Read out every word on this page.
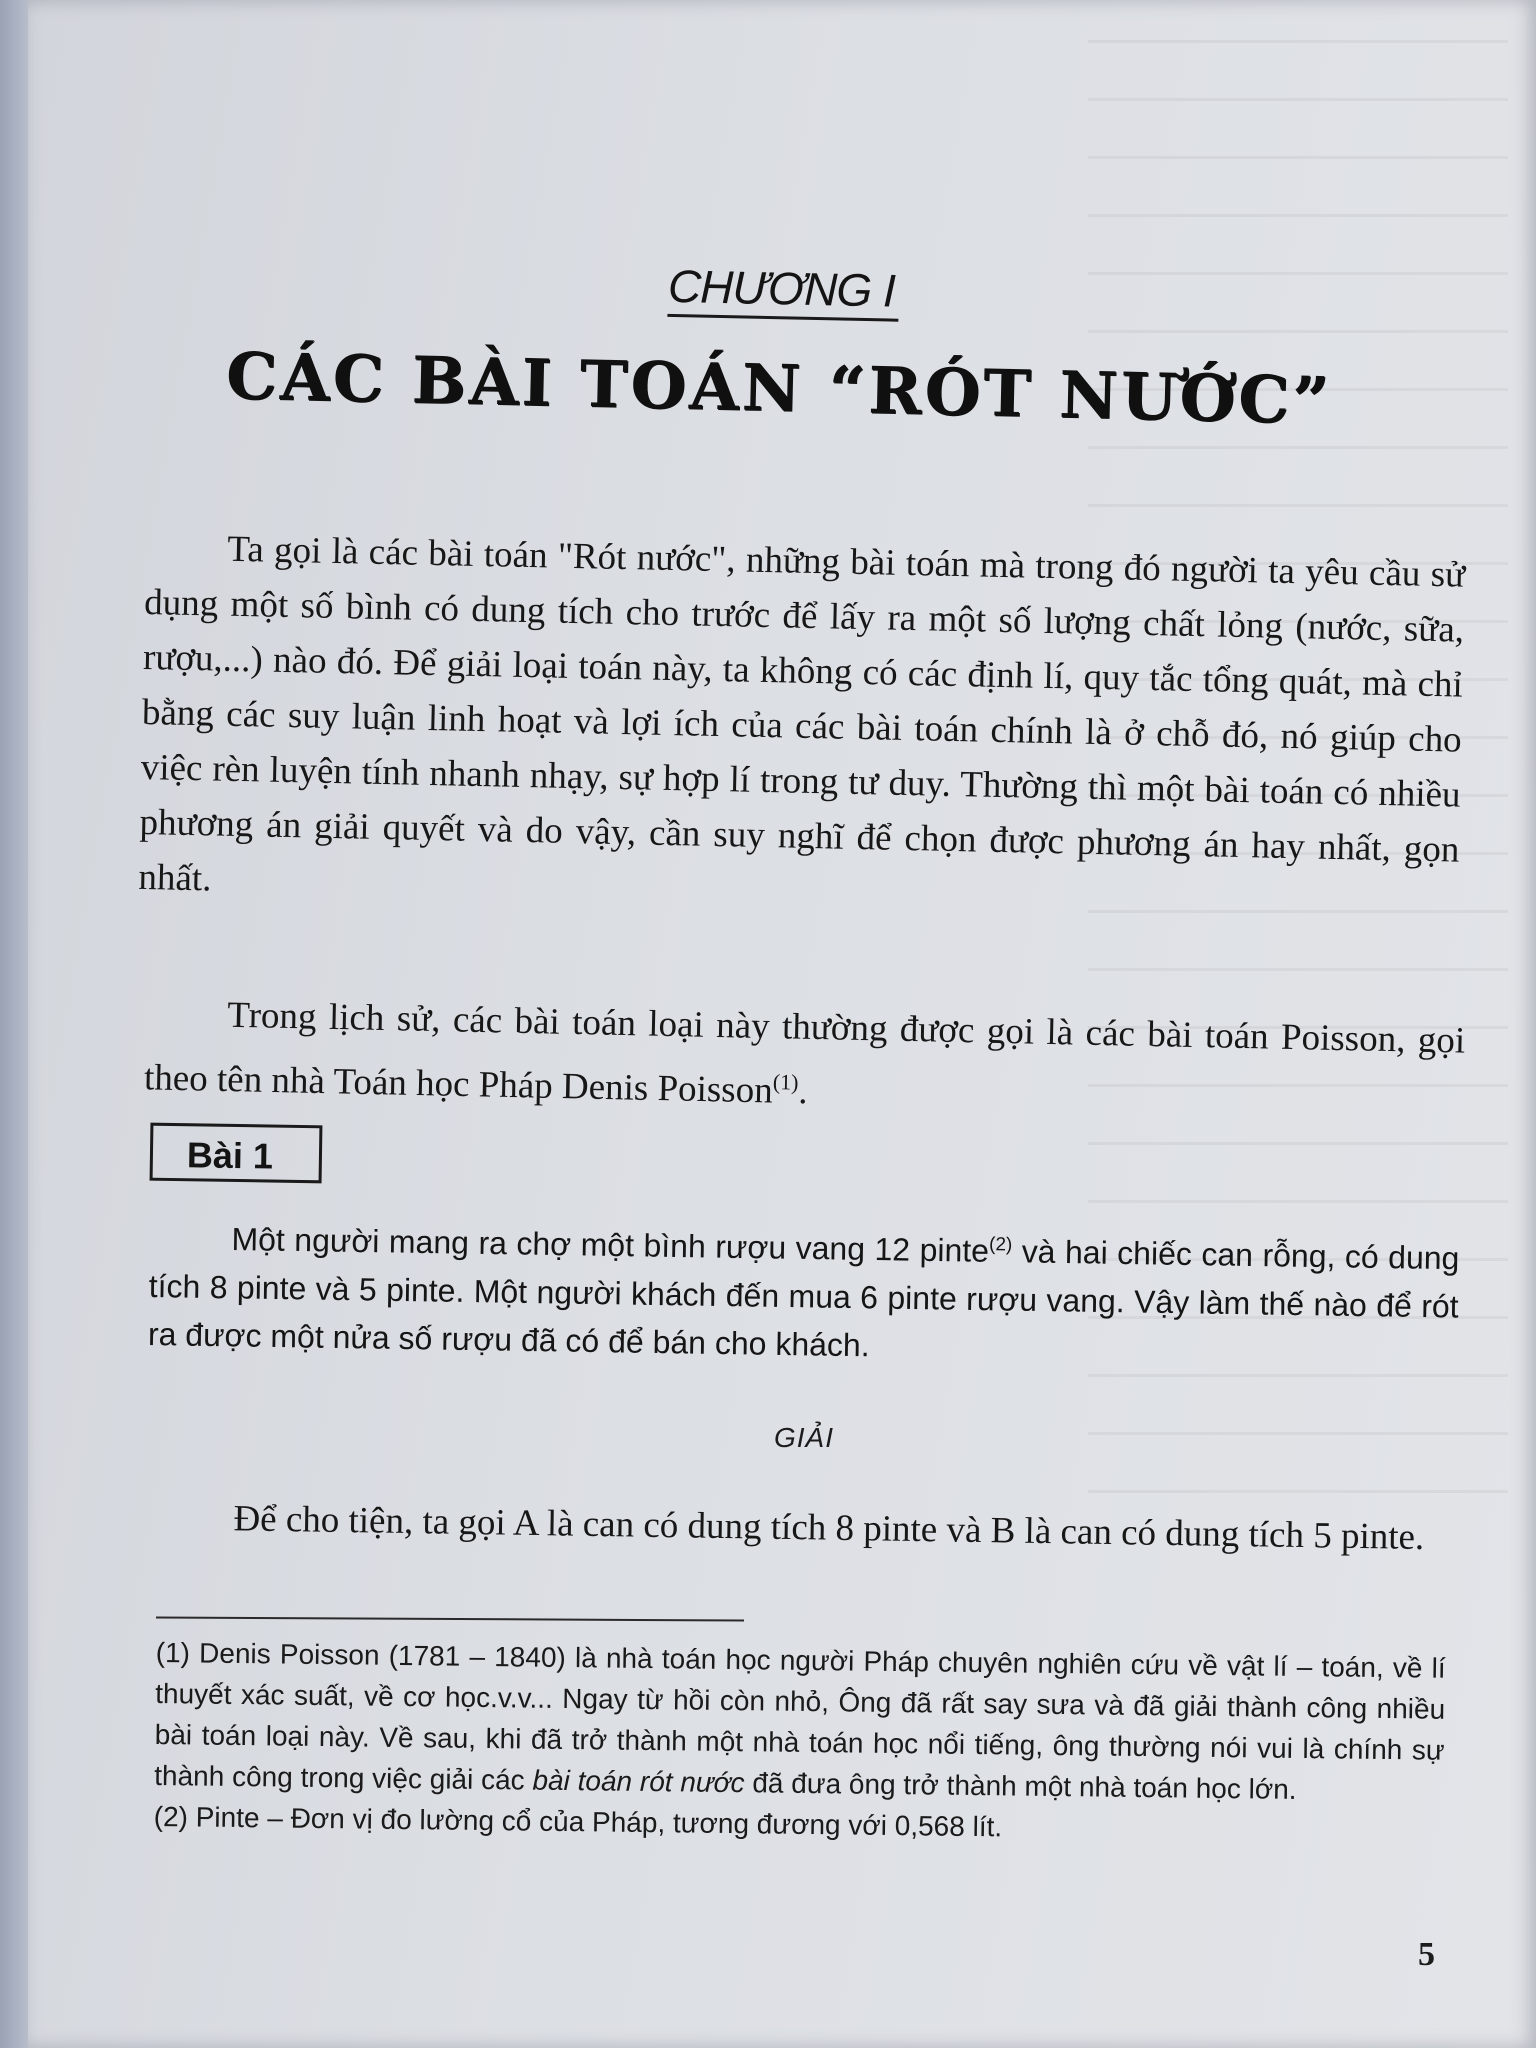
CHƯƠNG I
CÁC BÀI TOÁN “RÓT NƯỚC”
Ta gọi là các bài toán "Rót nước", những bài toán mà trong đó người ta yêu cầu sử dụng một số bình có dung tích cho trước để lấy ra một số lượng chất lỏng (nước, sữa, rượu,...) nào đó. Để giải loại toán này, ta không có các định lí, quy tắc tổng quát, mà chỉ bằng các suy luận linh hoạt và lợi ích của các bài toán chính là ở chỗ đó, nó giúp cho việc rèn luyện tính nhanh nhạy, sự hợp lí trong tư duy. Thường thì một bài toán có nhiều phương án giải quyết và do vậy, cần suy nghĩ để chọn được phương án hay nhất, gọn nhất.
Trong lịch sử, các bài toán loại này thường được gọi là các bài toán Poisson, gọi theo tên nhà Toán học Pháp Denis Poisson$^{(1)}$.
Bài 1
Một người mang ra chợ một bình rượu vang 12 pinte$^{(2)}$ và hai chiếc can rỗng, có dung tích 8 pinte và 5 pinte. Một người khách đến mua 6 pinte rượu vang. Vậy làm thế nào để rót ra được một nửa số rượu đã có để bán cho khách.
GIẢI
Để cho tiện, ta gọi A là can có dung tích 8 pinte và B là can có dung tích 5 pinte.
(1) Denis Poisson (1781 – 1840) là nhà toán học người Pháp chuyên nghiên cứu về vật lí – toán, về lí thuyết xác suất, về cơ học.v.v... Ngay từ hồi còn nhỏ, Ông đã rất say sưa và đã giải thành công nhiều bài toán loại này. Về sau, khi đã trở thành một nhà toán học nổi tiếng, ông thường nói vui là chính sự thành công trong việc giải các bài toán rót nước đã đưa ông trở thành một nhà toán học lớn.
(2) Pinte – Đơn vị đo lường cổ của Pháp, tương đương với 0,568 lít.
5
